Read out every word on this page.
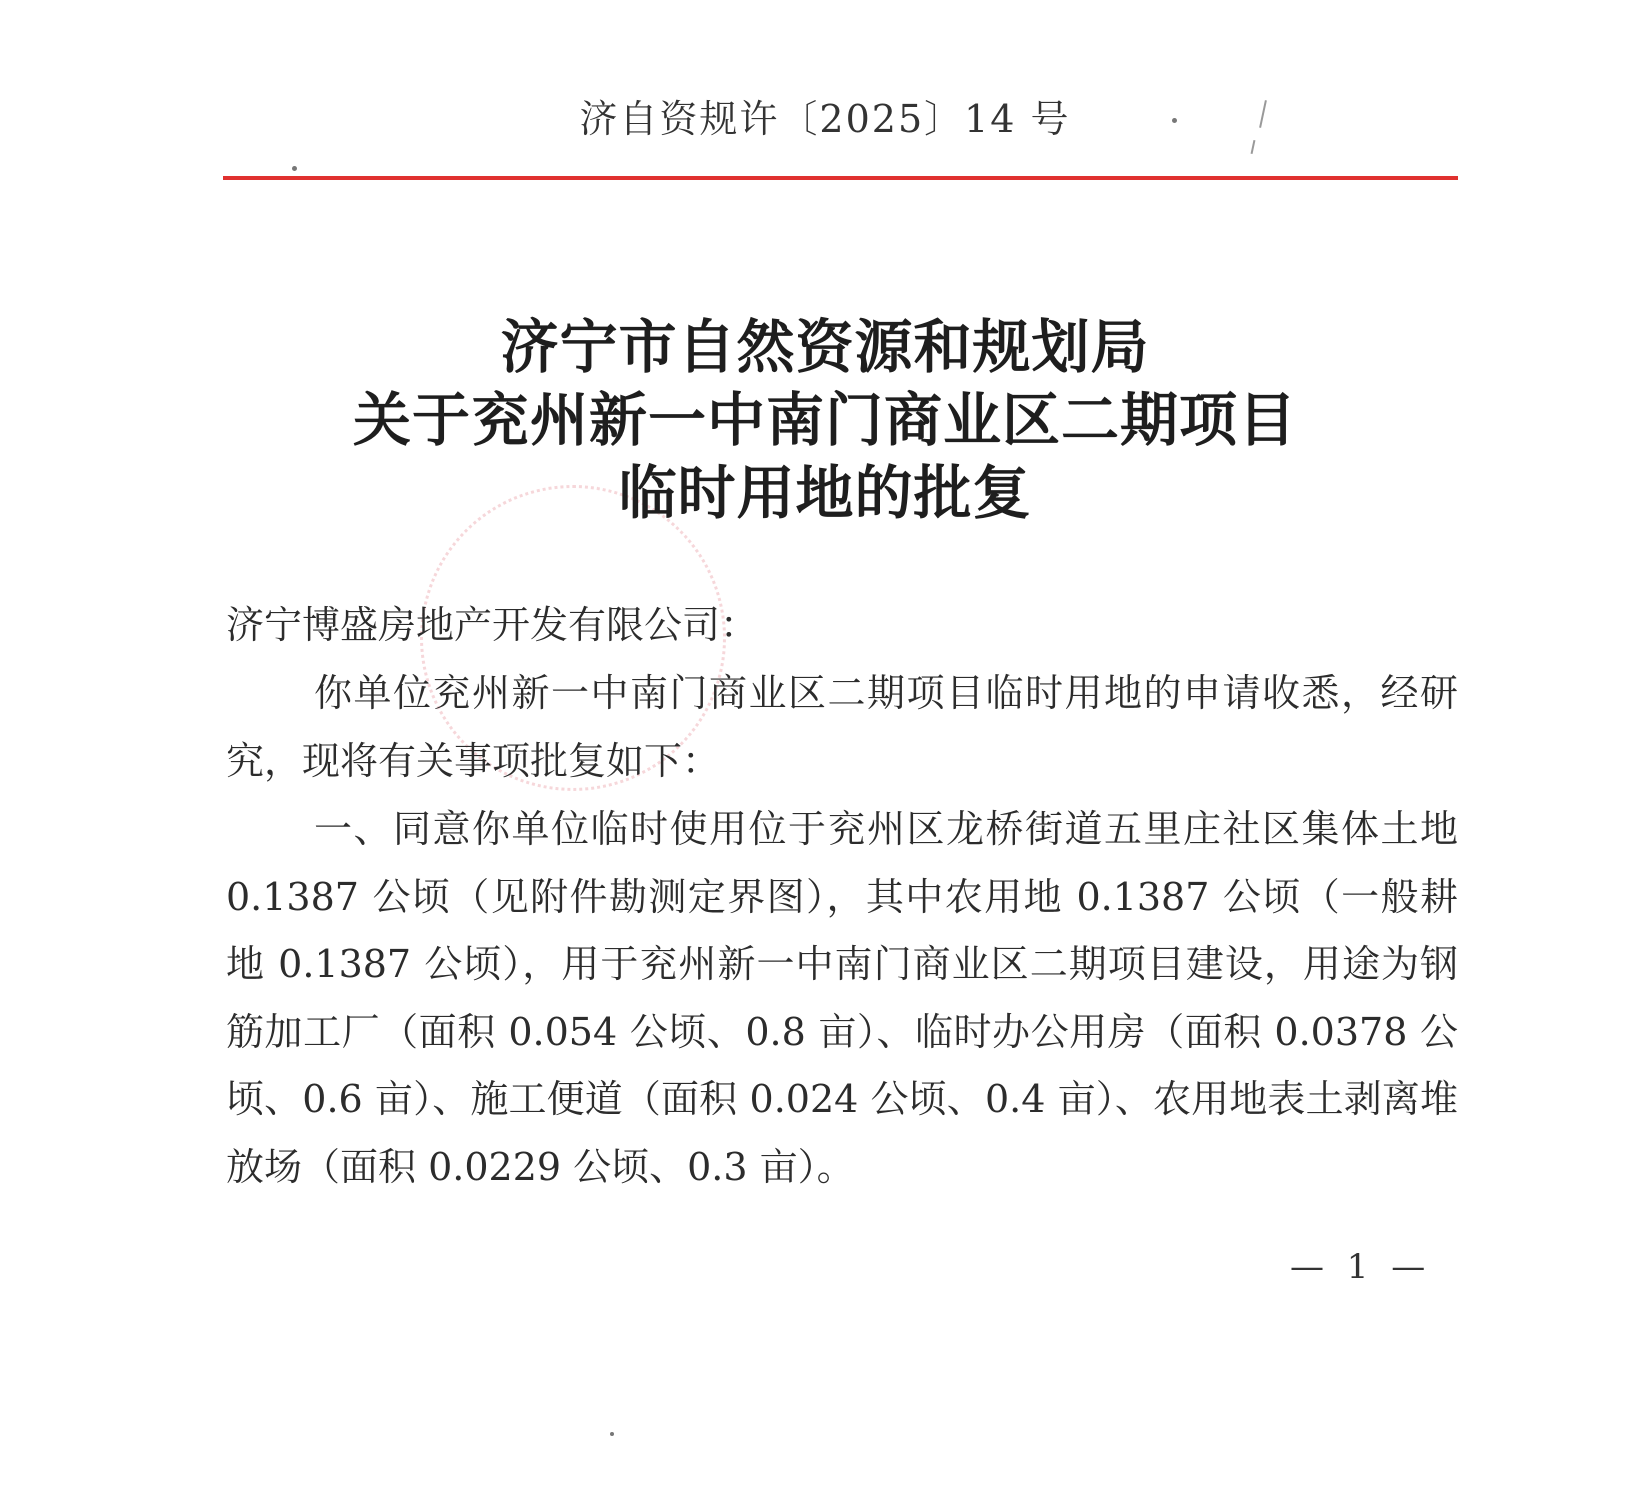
济自资规许〔2025〕14 号
济宁市自然资源和规划局
关于兖州新一中南门商业区二期项目
临时用地的批复
济宁博盛房地产开发有限公司：

你单位兖州新一中南门商业区二期项目临时用地的申请收悉，经研究，现将有关事项批复如下：

一、同意你单位临时使用位于兖州区龙桥街道五里庄社区集体土地 0.1387 公顷（见附件勘测定界图），其中农用地 0.1387 公顷（一般耕地 0.1387 公顷），用于兖州新一中南门商业区二期项目建设，用途为钢筋加工厂（面积 0.054 公顷、0.8 亩）、临时办公用房（面积 0.0378 公顷、0.6 亩）、施工便道（面积 0.024 公顷、0.4 亩）、农用地表土剥离堆放场（面积 0.0229 公顷、0.3 亩）。

— 1 —
